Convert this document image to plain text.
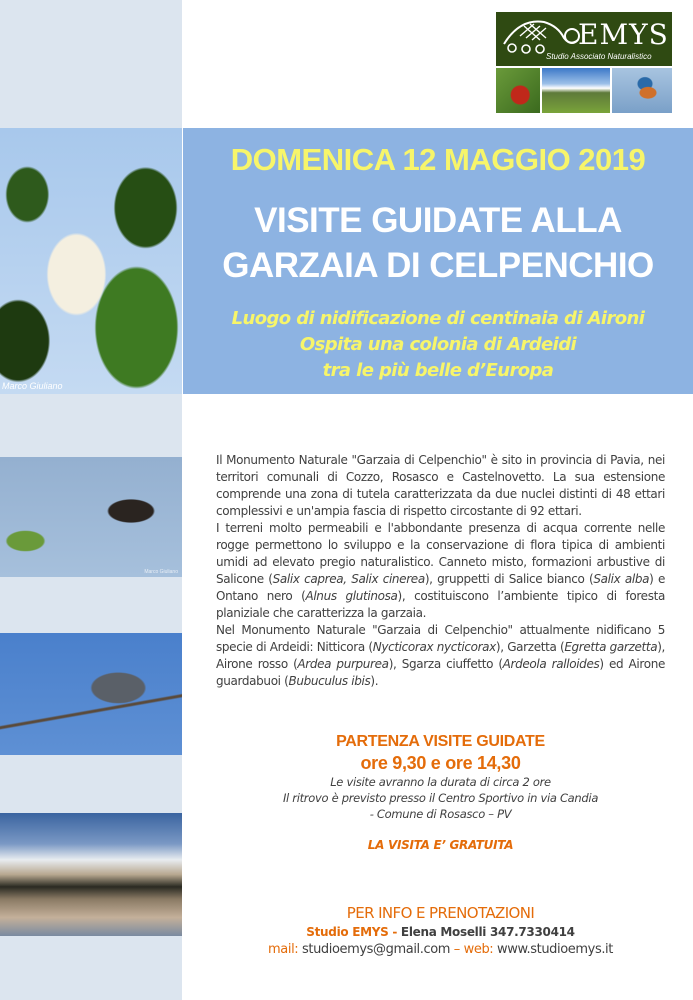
EMYS
Studio Associato Naturalistico
DOMENICA 12 MAGGIO 2019
VISITE GUIDATE ALLA
GARZAIA DI CELPENCHIO
Luogo di nidificazione di centinaia di Aironi
Ospita una colonia di Ardeidi
tra le più belle d’Europa
Marco Giuliano
Marco Giuliano

Il Monumento Naturale "Garzaia di Celpenchio" è sito in provincia di Pavia, nei territori comunali di Cozzo, Rosasco e Castelnovetto. La sua estensione comprende una zona di tutela caratterizzata da due nuclei distinti di 48 ettari complessivi e un'ampia fascia di rispetto circostante di 92 ettari.

I terreni molto permeabili e l'abbondante presenza di acqua corrente nelle rogge permettono lo sviluppo e la conservazione di flora tipica di ambienti umidi ad elevato pregio naturalistico. Canneto misto, formazioni arbustive di Salicone (Salix caprea, Salix cinerea), gruppetti di Salice bianco (Salix alba) e Ontano nero (Alnus glutinosa), costituiscono l’ambiente tipico di foresta planiziale che caratterizza la garzaia.

Nel Monumento Naturale "Garzaia di Celpenchio" attualmente nidificano 5 specie di Ardeidi: Nitticora (Nycticorax nycticorax), Garzetta (Egretta garzetta), Airone rosso (Ardea purpurea), Sgarza ciuffetto (Ardeola ralloides) ed Airone guardabuoi (Bubuculus ibis).

PARTENZA VISITE GUIDATE
ore 9,30 e ore 14,30
Le visite avranno la durata di circa 2 ore
Il ritrovo è previsto presso il Centro Sportivo in via Candia
- Comune di Rosasco – PV
LA VISITA E’ GRATUITA
PER INFO E PRENOTAZIONI
Studio EMYS - Elena Moselli 347.7330414
mail: studioemys@gmail.com – web: www.studioemys.it
